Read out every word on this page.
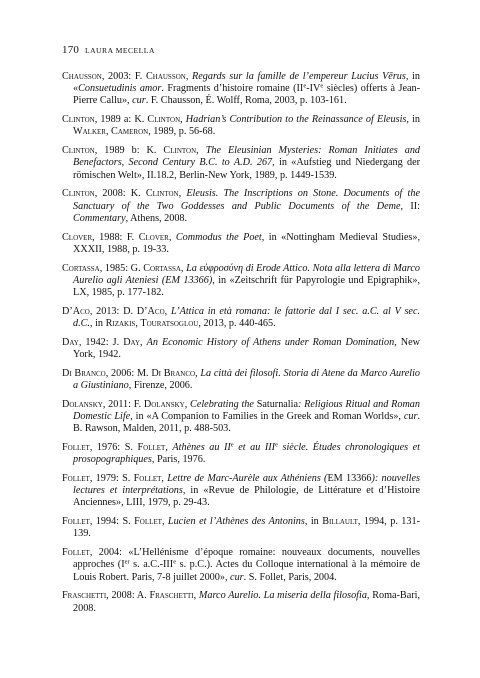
170 LAURA MECELLA

Chausson, 2003: F. Chausson, Regards sur la famille de l’empereur Lucius Vērus, in «Consuetudinis amor. Fragments d’histoire romaine (IIe-IVe siècles) offerts à Jean-Pierre Callu», cur. F. Chausson, É. Wolff, Roma, 2003, p. 103-161.

Clinton, 1989 a: K. Clinton, Hadrian’s Contribution to the Reinassance of Eleusis, in Walker, Cameron, 1989, p. 56-68.

Clinton, 1989 b: K. Clinton, The Eleusinian Mysteries: Roman Initiates and Benefactors, Second Century B.C. to A.D. 267, in «Aufstieg und Niedergang der römischen Welt», II.18.2, Berlin-New York, 1989, p. 1449-1539.

Clinton, 2008: K. Clinton, Eleusis. The Inscriptions on Stone. Documents of the Sanctuary of the Two Goddesses and Public Documents of the Deme, II: Commentary, Athens, 2008.

Clover, 1988: F. Clover, Commodus the Poet, in «Nottingham Medieval Studies», XXXII, 1988, p. 19-33.

Cortassa, 1985: G. Cortassa, La εὐφροσύνη di Erode Attico. Nota alla lettera di Marco Aurelio agli Ateniesi (EM 13366), in «Zeitschrift für Papyrologie und Epigraphik», LX, 1985, p. 177-182.

D’Aco, 2013: D. D’Aco, L’Attica in età romana: le fattorie dal I sec. a.C. al V sec. d.C., in Rizakis, Touratsoglou, 2013, p. 440-465.

Day, 1942: J. Day, An Economic History of Athens under Roman Domination, New York, 1942.

Di Branco, 2006: M. Di Branco, La città dei filosofi. Storia di Atene da Marco Aurelio a Giustiniano, Firenze, 2006.

Dolansky, 2011: F. Dolansky, Celebrating the Saturnalia: Religious Ritual and Roman Domestic Life, in «A Companion to Families in the Greek and Roman Worlds», cur. B. Rawson, Malden, 2011, p. 488-503.

Follet, 1976: S. Follet, Athènes au IIe et au IIIe siècle. Études chronologiques et prosopographiques, Paris, 1976.

Follet, 1979: S. Follet, Lettre de Marc-Aurèle aux Athéniens (EM 13366): nouvelles lectures et interprétations, in «Revue de Philologie, de Littérature et d’Histoire Anciennes», LIII, 1979, p. 29-43.

Follet, 1994: S. Follet, Lucien et l’Athènes des Antonins, in Billault, 1994, p. 131-139.

Follet, 2004: «L’Hellénisme d’époque romaine: nouveaux documents, nouvelles approches (Ier s. a.C.-IIIe s. p.C.). Actes du Colloque international à la mémoire de Louis Robert. Paris, 7-8 juillet 2000», cur. S. Follet, Paris, 2004.

Fraschetti, 2008: A. Fraschetti, Marco Aurelio. La miseria della filosofia, Roma-Bari, 2008.
